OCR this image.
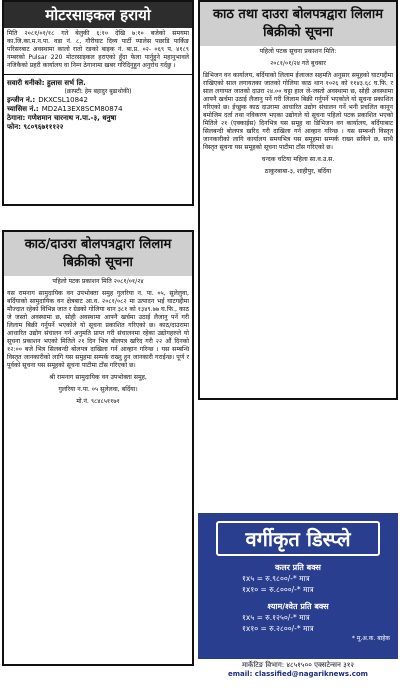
मोटरसाइकल हरायो
मिति २०८१/०१/१८ गते बेलुकी ६:१० देखि ७:१० बजेको समयमा का.जि.का.म.न.पा. वडा नं. ८, गौरीघाट दिव्य पार्टी प्यालेस पछाडि पार्किङ परिसरबाट अवस्थामा कालो रातो रङको बाइक नं. बा.प्र. ०२- ०६९ प. ४१८९ नम्बरको Pulsar 220 मोटरसाइकल हराएको हुँदा फेला पार्नुहुने महानुभावले नजिकैको प्रहरी कार्यालय वा निम्न ठेगानामा खबर गरिदिनुहुन अनुरोध गर्दछु ।
सवारी धनीको: हुलास सर्भ लि.
(क्राफ्टी: हेम बहादुर बुढाथोकी)
इन्जीन नं.: DKXCSL10842
च्यासिस नं.: MD2A13EX8SCM80874
ठेगाना: गणेशमान चारनाथ न.पा.-३, धनुषा
फोन: ९८०९६७१११२२
काठ/दाउरा बोलपत्रद्वारा लिलाम बिक्रीको सूचना
पहिलो पटक प्रकाशन मिति २०८१/०१/२४
यस रामनाग सामुदायिक वन उपभोक्ता समुह गुलरिया न. पा. ०५, सुलेलुवा, बर्दियाको सामुदायिक वन क्षेत्रबाट आ.व. २०८१/०८२ मा उत्पादन भई घाटगद्दीमा मौज्दात रहेको विभिन्न जात र ग्रेडको गोलिया थान ३८१ को १३४९.७७ घ.फि., काठ जे जस्तो अवस्थामा छ, सोही अवस्थामा आफ्नै खर्चमा उठाई लैजानु पर्ने गरी लिलाम बिक्री गर्नुपर्ने भएकोले यो सूचना प्रकाशित गरिएको छ। काठ/दाउरामा आधारित उद्योग संचालन गर्न अनुमति प्राप्त गरी संचालनमा रहेका उद्योगहरुले यो सूचना प्रकाशन भएको मितिले २१ दिन भित्र बोलपत्र खरिद गरी २२ औं दिनको १२:०० बजे भित्र सिलबन्दी बोलपत्र दाखिला गर्न आव्हान गरिन्छ । यस सम्बन्धि विस्तृत जानकारीको लागि यस समुहमा सम्पर्क राख्नु हुन जानकारी गराईन्छ। पूर्ण र पूर्वको सूचना यस समूहको सूचना पाटीमा टाँस गरिएको छ।
श्री रामनाग सामुदायिक वन उपभोक्ता समुह,
गुलरिया न.पा. ०५ सुलेलवा, बर्दिया।
मो.नं. ९८४८५११७१
काठ तथा दाउरा बोलपत्रद्वारा लिलाम बिक्रीको सूचना
पहिलो पटक सूचना प्रकाशन मिति:
२०८१/०१/२४ गते बुधबार
डिभिजन वन कार्यालय, बर्दियाको लिलाम ईजाजत सहमति अनुसार समूहको घाटगद्दीमा राखिएको साल लगायतका जातको गोलिया काठ थान १०२६ को ११४३.६८ घ.फि. र साल लगायत जातको दाउरा २४.०० चट्टा हाल जे-जस्तो अवस्थामा छ, सोही अवस्थामा आफ्नै खर्चमा उठाई लैजानु पर्ने गरी लिलाम बिक्री गर्नुपर्ने भएकोले यो सूचना प्रकाशित गरिएको छ। ईच्छुक काठ दाउरामा आधारित उद्योग संचालन गर्ने भनी प्रचलित कानून बमोजिम दर्ता तथा नविकरण भएका उद्योगले यो सूचना पहिलो पटक प्रकाशित भएको मितिले २१ (एक्काईस) दिनभित्र यस समूह वा डिभिजन वन कार्यालय, बर्दियाबाट सिलबन्दी बोलपत्र खरिद गरी दाखिला गर्न आव्हान गरिन्छ । यस सम्बन्धी विस्तृत जानकारीको लागि कार्यालय समयभित्र यस समूहमा सम्पर्क राख्न सकिने छ, साथै विस्तृत सूचना यस समूहको सूचना पाटीमा टाँस गरिएको छ।
चन्दक चटिया महिला सा.व.उ.स.
ठाकुरबाबा-३, शाहीपुर, बर्दिया
वर्गीकृत डिस्प्ले
कलर प्रति बक्स
१x५ = रु.९८००/-* मात्र
१x१० = रु.८०००/-* मात्र
श्याम/श्वेत प्रति बक्स
१x५ = रु.१२५०/-* मात्र
१x१० = रु.२८००/-* मात्र
* मू.अ.क. बाहेक
मार्केटिङ विभाग: ४८५१५०० एक्सटेन्सन ३१२
email: classified@nagariknews.com
